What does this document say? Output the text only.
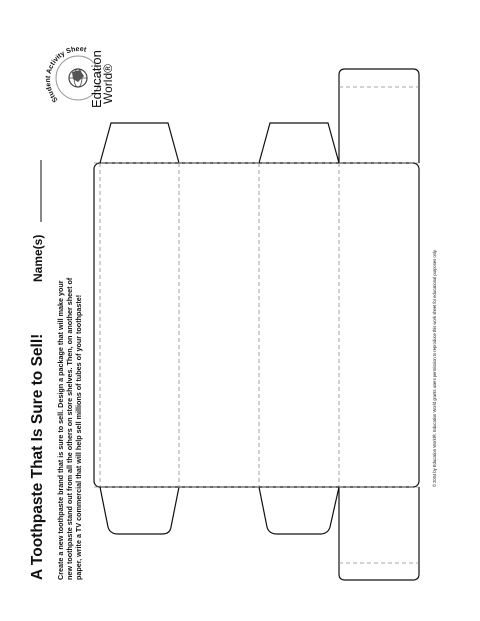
A Toothpaste That Is Sure to Sell!
Name(s)
Create a new toothpaste brand that is sure to sell. Design a package that will make your new toothpaste stand out from all the others on store shelves. Then, on another sheet of paper, write a TV commercial that will help sell millions of tubes of your toothpaste!
Student Activity Sheet
Education
World®
© 2004 by Education World®. Education World grants users permission to reproduce this work sheet for educational purposes only.
